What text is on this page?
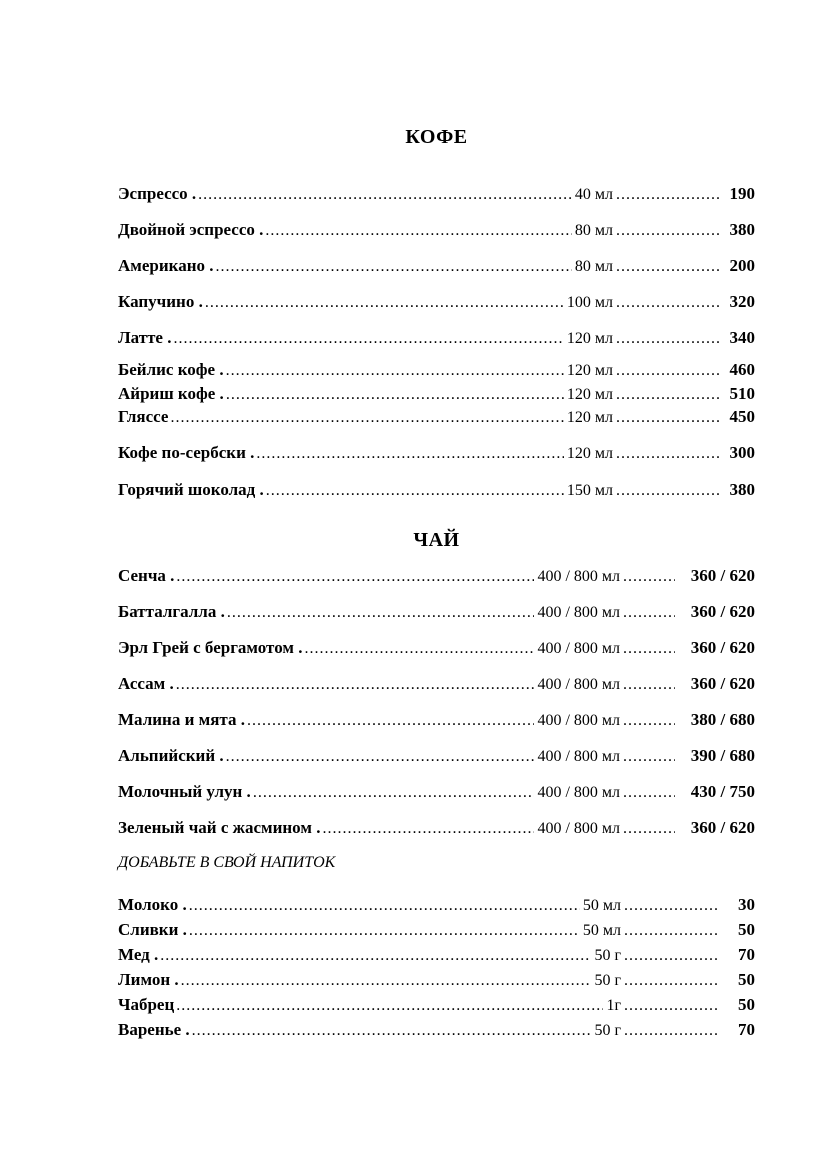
КОФЕ
Эспрессо . .....	40 мл .....	190
Двойной эспрессо . .....	80 мл .....	380
Американо . .....	80 мл .....	200
Капучино . .....	100 мл .....	320
Латте . .....	120 мл .....	340
Бейлис кофе . .....	120 мл .....	460
Айриш кофе . .....	120 мл .....	510
Гляссе .....	120 мл .....	450
Кофе по-сербски . .....	120 мл .....	300
Горячий шоколад . .....	150 мл .....	380
ЧАЙ
Сенча . .....	400 / 800 мл .....	360 / 620
Батталгалла . .....	400 / 800 мл .....	360 / 620
Эрл Грей с бергамотом . .....	400 / 800 мл .....	360 / 620
Ассам . .....	400 / 800 мл .....	360 / 620
Малина и мята . .....	400 / 800 мл .....	380 / 680
Альпийский . .....	400 / 800 мл .....	390 / 680
Молочный улун . .....	400 / 800 мл .....	430 / 750
Зеленый чай с жасмином . .....	400 / 800 мл .....	360 / 620
ДОБАВЬТЕ В СВОЙ НАПИТОК
Молоко . .....	50 мл .....	30
Сливки . .....	50 мл .....	50
Мед . .....	50 г .....	70
Лимон . .....	50 г .....	50
Чабрец .....	1г .....	50
Варенье . .....	50 г .....	70
